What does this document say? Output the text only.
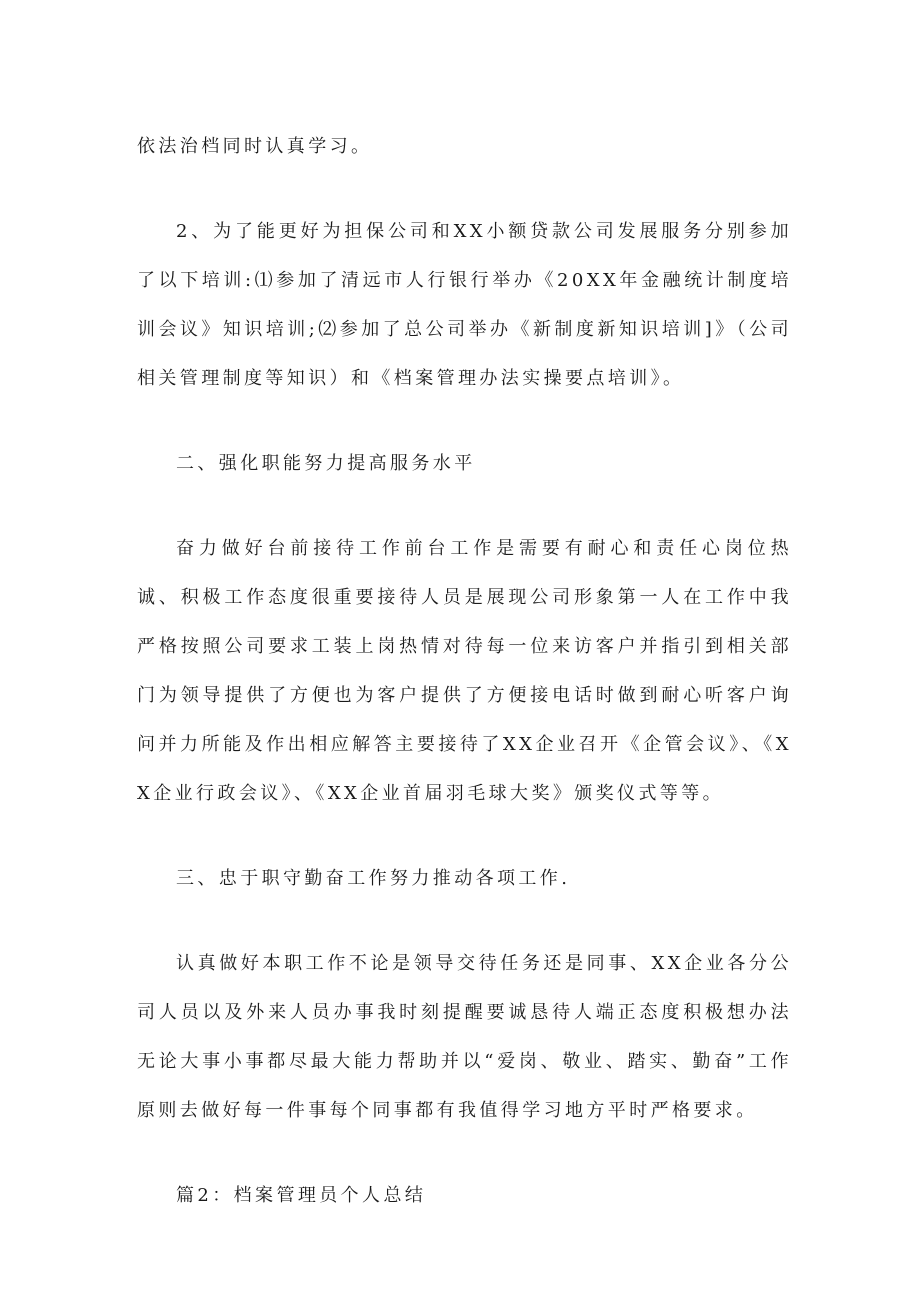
依法治档同时认真学习。

2、为了能更好为担保公司和XX小额贷款公司发展服务分别参加了以下培训:⑴参加了清远市人行银行举办《20XX年金融统计制度培训会议》知识培训;⑵参加了总公司举办《新制度新知识培训]》（公司相关管理制度等知识）和《档案管理办法实操要点培训》。

二、强化职能努力提高服务水平

奋力做好台前接待工作前台工作是需要有耐心和责任心岗位热诚、积极工作态度很重要接待人员是展现公司形象第一人在工作中我严格按照公司要求工装上岗热情对待每一位来访客户并指引到相关部门为领导提供了方便也为客户提供了方便接电话时做到耐心听客户询问并力所能及作出相应解答主要接待了XX企业召开《企管会议》、《XX企业行政会议》、《XX企业首届羽毛球大奖》颁奖仪式等等。

三、忠于职守勤奋工作努力推动各项工作.

认真做好本职工作不论是领导交待任务还是同事、XX企业各分公司人员以及外来人员办事我时刻提醒要诚恳待人端正态度积极想办法无论大事小事都尽最大能力帮助并以“爱岗、敬业、踏实、勤奋”工作原则去做好每一件事每个同事都有我值得学习地方平时严格要求。

篇2：档案管理员个人总结
